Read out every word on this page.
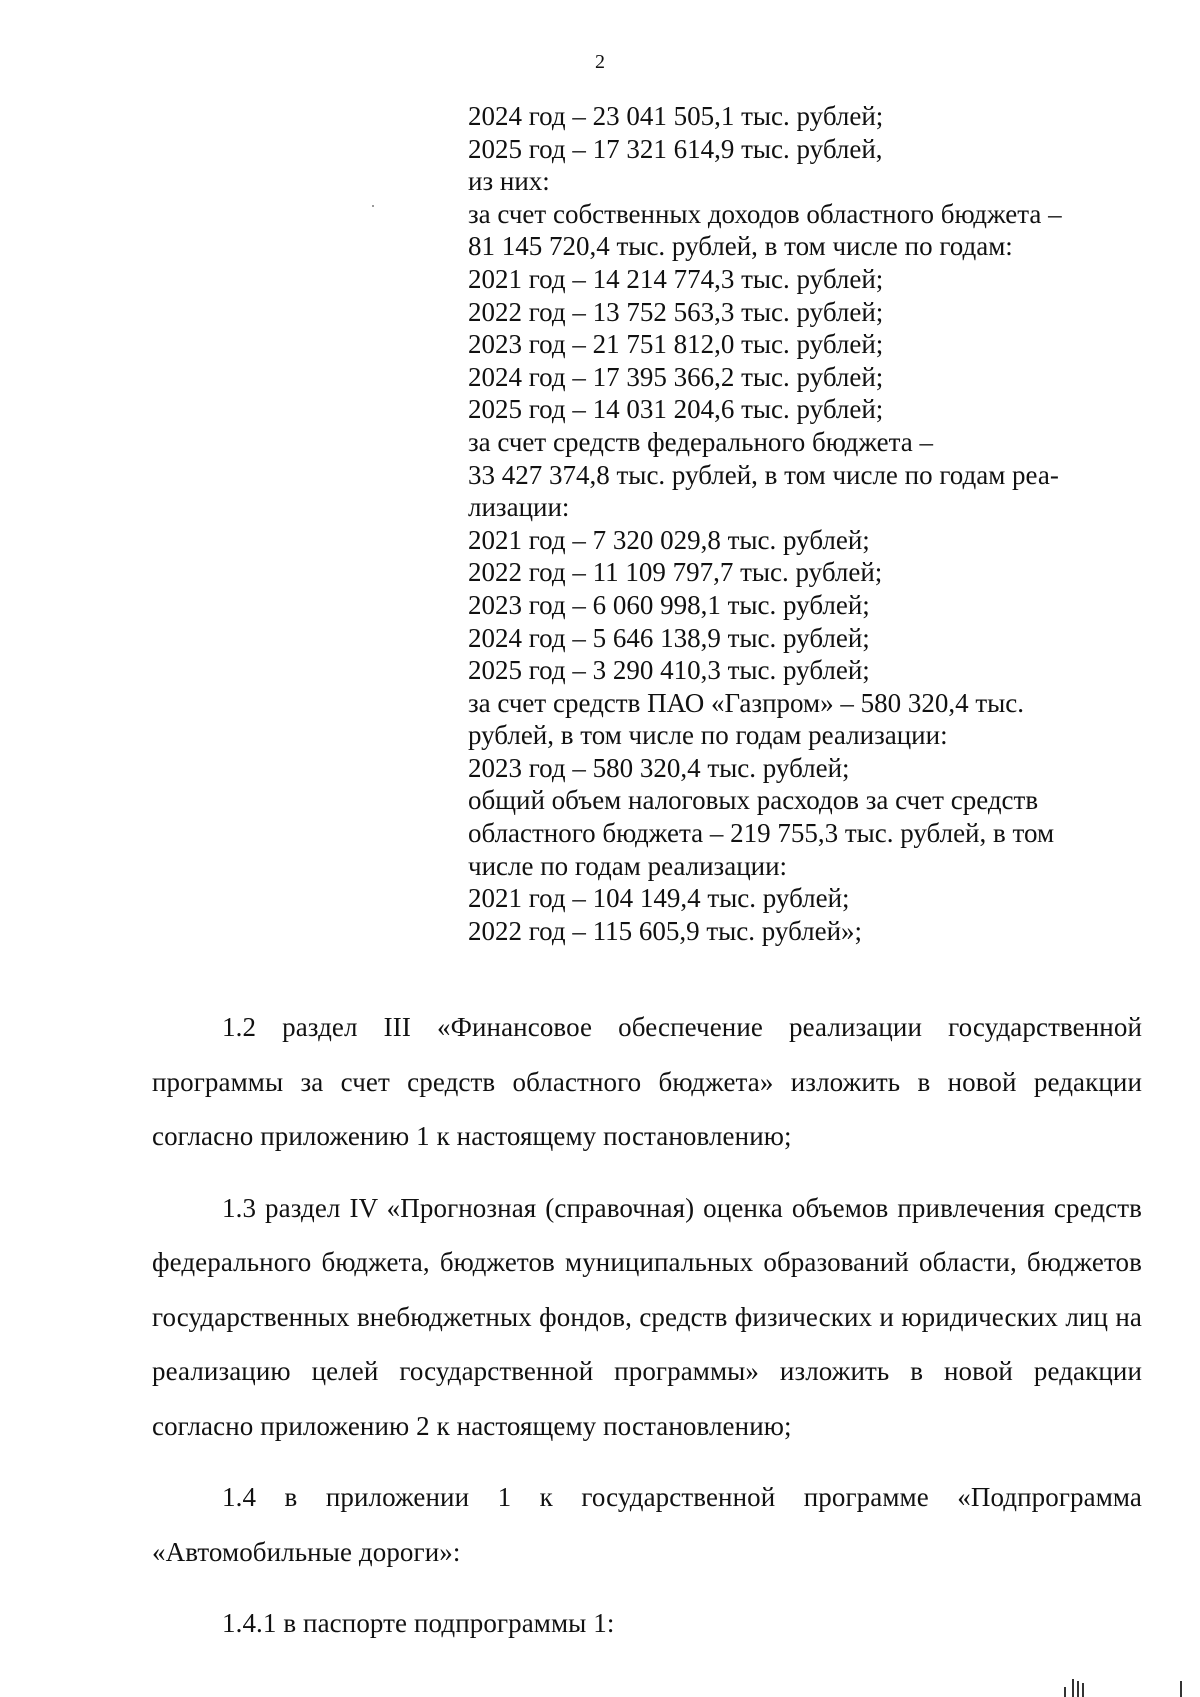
2
2024 год – 23 041 505,1 тыс. рублей;
2025 год – 17 321 614,9 тыс. рублей,
из них:
за счет собственных доходов областного бюджета –
81 145 720,4 тыс. рублей, в том числе по годам:
2021 год – 14 214 774,3 тыс. рублей;
2022 год – 13 752 563,3 тыс. рублей;
2023 год – 21 751 812,0 тыс. рублей;
2024 год – 17 395 366,2 тыс. рублей;
2025 год – 14 031 204,6 тыс. рублей;
за счет средств федерального бюджета –
33 427 374,8 тыс. рублей, в том числе по годам реа-
лизации:
2021 год – 7 320 029,8 тыс. рублей;
2022 год – 11 109 797,7 тыс. рублей;
2023 год – 6 060 998,1 тыс. рублей;
2024 год – 5 646 138,9 тыс. рублей;
2025 год – 3 290 410,3 тыс. рублей;
за счет средств ПАО «Газпром» – 580 320,4 тыс.
рублей, в том числе по годам реализации:
2023 год – 580 320,4 тыс. рублей;
общий объем налоговых расходов за счет средств
областного бюджета – 219 755,3 тыс. рублей, в том
числе по годам реализации:
2021 год – 104 149,4 тыс. рублей;
2022 год – 115 605,9 тыс. рублей»;

1.2 раздел III «Финансовое обеспечение реализации государственной программы за счет средств областного бюджета» изложить в новой редакции согласно приложению 1 к настоящему постановлению;

1.3 раздел IV «Прогнозная (справочная) оценка объемов привлечения средств федерального бюджета, бюджетов муниципальных образований области, бюджетов государственных внебюджетных фондов, средств физических и юридических лиц на реализацию целей государственной программы» изложить в новой редакции согласно приложению 2 к настоящему постановлению;

1.4 в приложении 1 к государственной программе «Подпрограмма «Автомобильные дороги»:

1.4.1 в паспорте подпрограммы 1:
